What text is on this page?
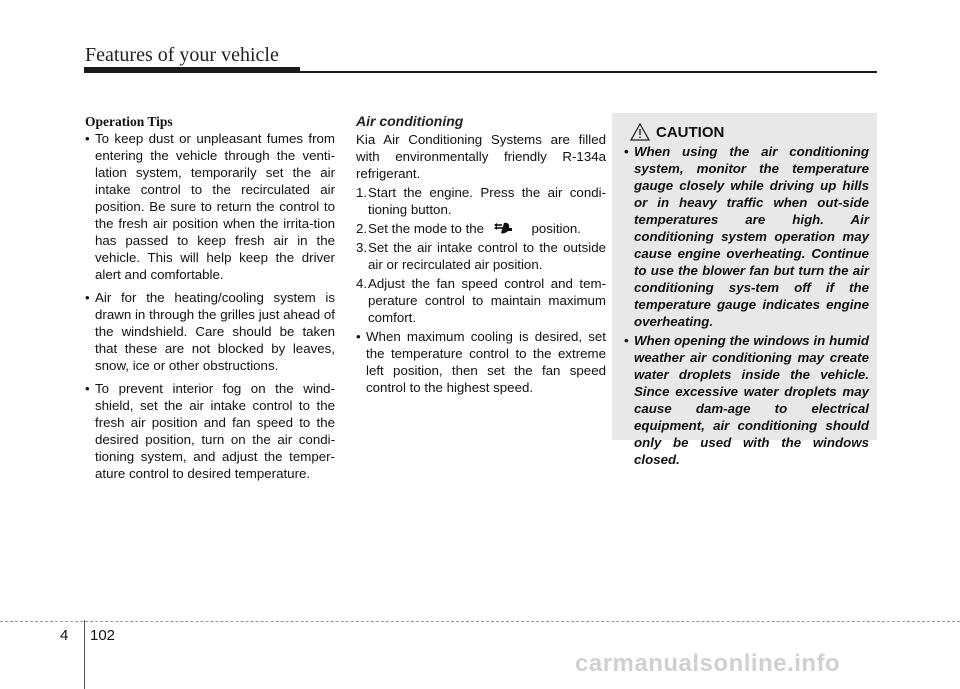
Features of your vehicle
Operation Tips
• To keep dust or unpleasant fumes from entering the vehicle through the venti-lation system, temporarily set the air intake control to the recirculated air position. Be sure to return the control to the fresh air position when the irrita-tion has passed to keep fresh air in the vehicle. This will help keep the driver alert and comfortable.
• Air for the heating/cooling system is drawn in through the grilles just ahead of the windshield. Care should be taken that these are not blocked by leaves, snow, ice or other obstructions.
• To prevent interior fog on the wind-shield, set the air intake control to the fresh air position and fan speed to the desired position, turn on the air condi-tioning system, and adjust the temper-ature control to desired temperature.
Air conditioning
Kia Air Conditioning Systems are filled with environmentally friendly R-134a refrigerant.
1. Start the engine. Press the air condi-tioning button.
2. Set the mode to the	position.
3. Set the air intake control to the outside air or recirculated air position.
4. Adjust the fan speed control and tem-perature control to maintain maximum comfort.
• When maximum cooling is desired, set the temperature control to the extreme left position, then set the fan speed control to the highest speed.
CAUTION
• When using the air conditioning system, monitor the temperature gauge closely while driving up hills or in heavy traffic when out-side temperatures are high. Air conditioning system operation may cause engine overheating. Continue to use the blower fan but turn the air conditioning sys-tem off if the temperature gauge indicates engine overheating.
• When opening the windows in humid weather air conditioning may create water droplets inside the vehicle. Since excessive water droplets may cause dam-age to electrical equipment, air conditioning should only be used with the windows closed.
4 102
carmanualsonline.info
